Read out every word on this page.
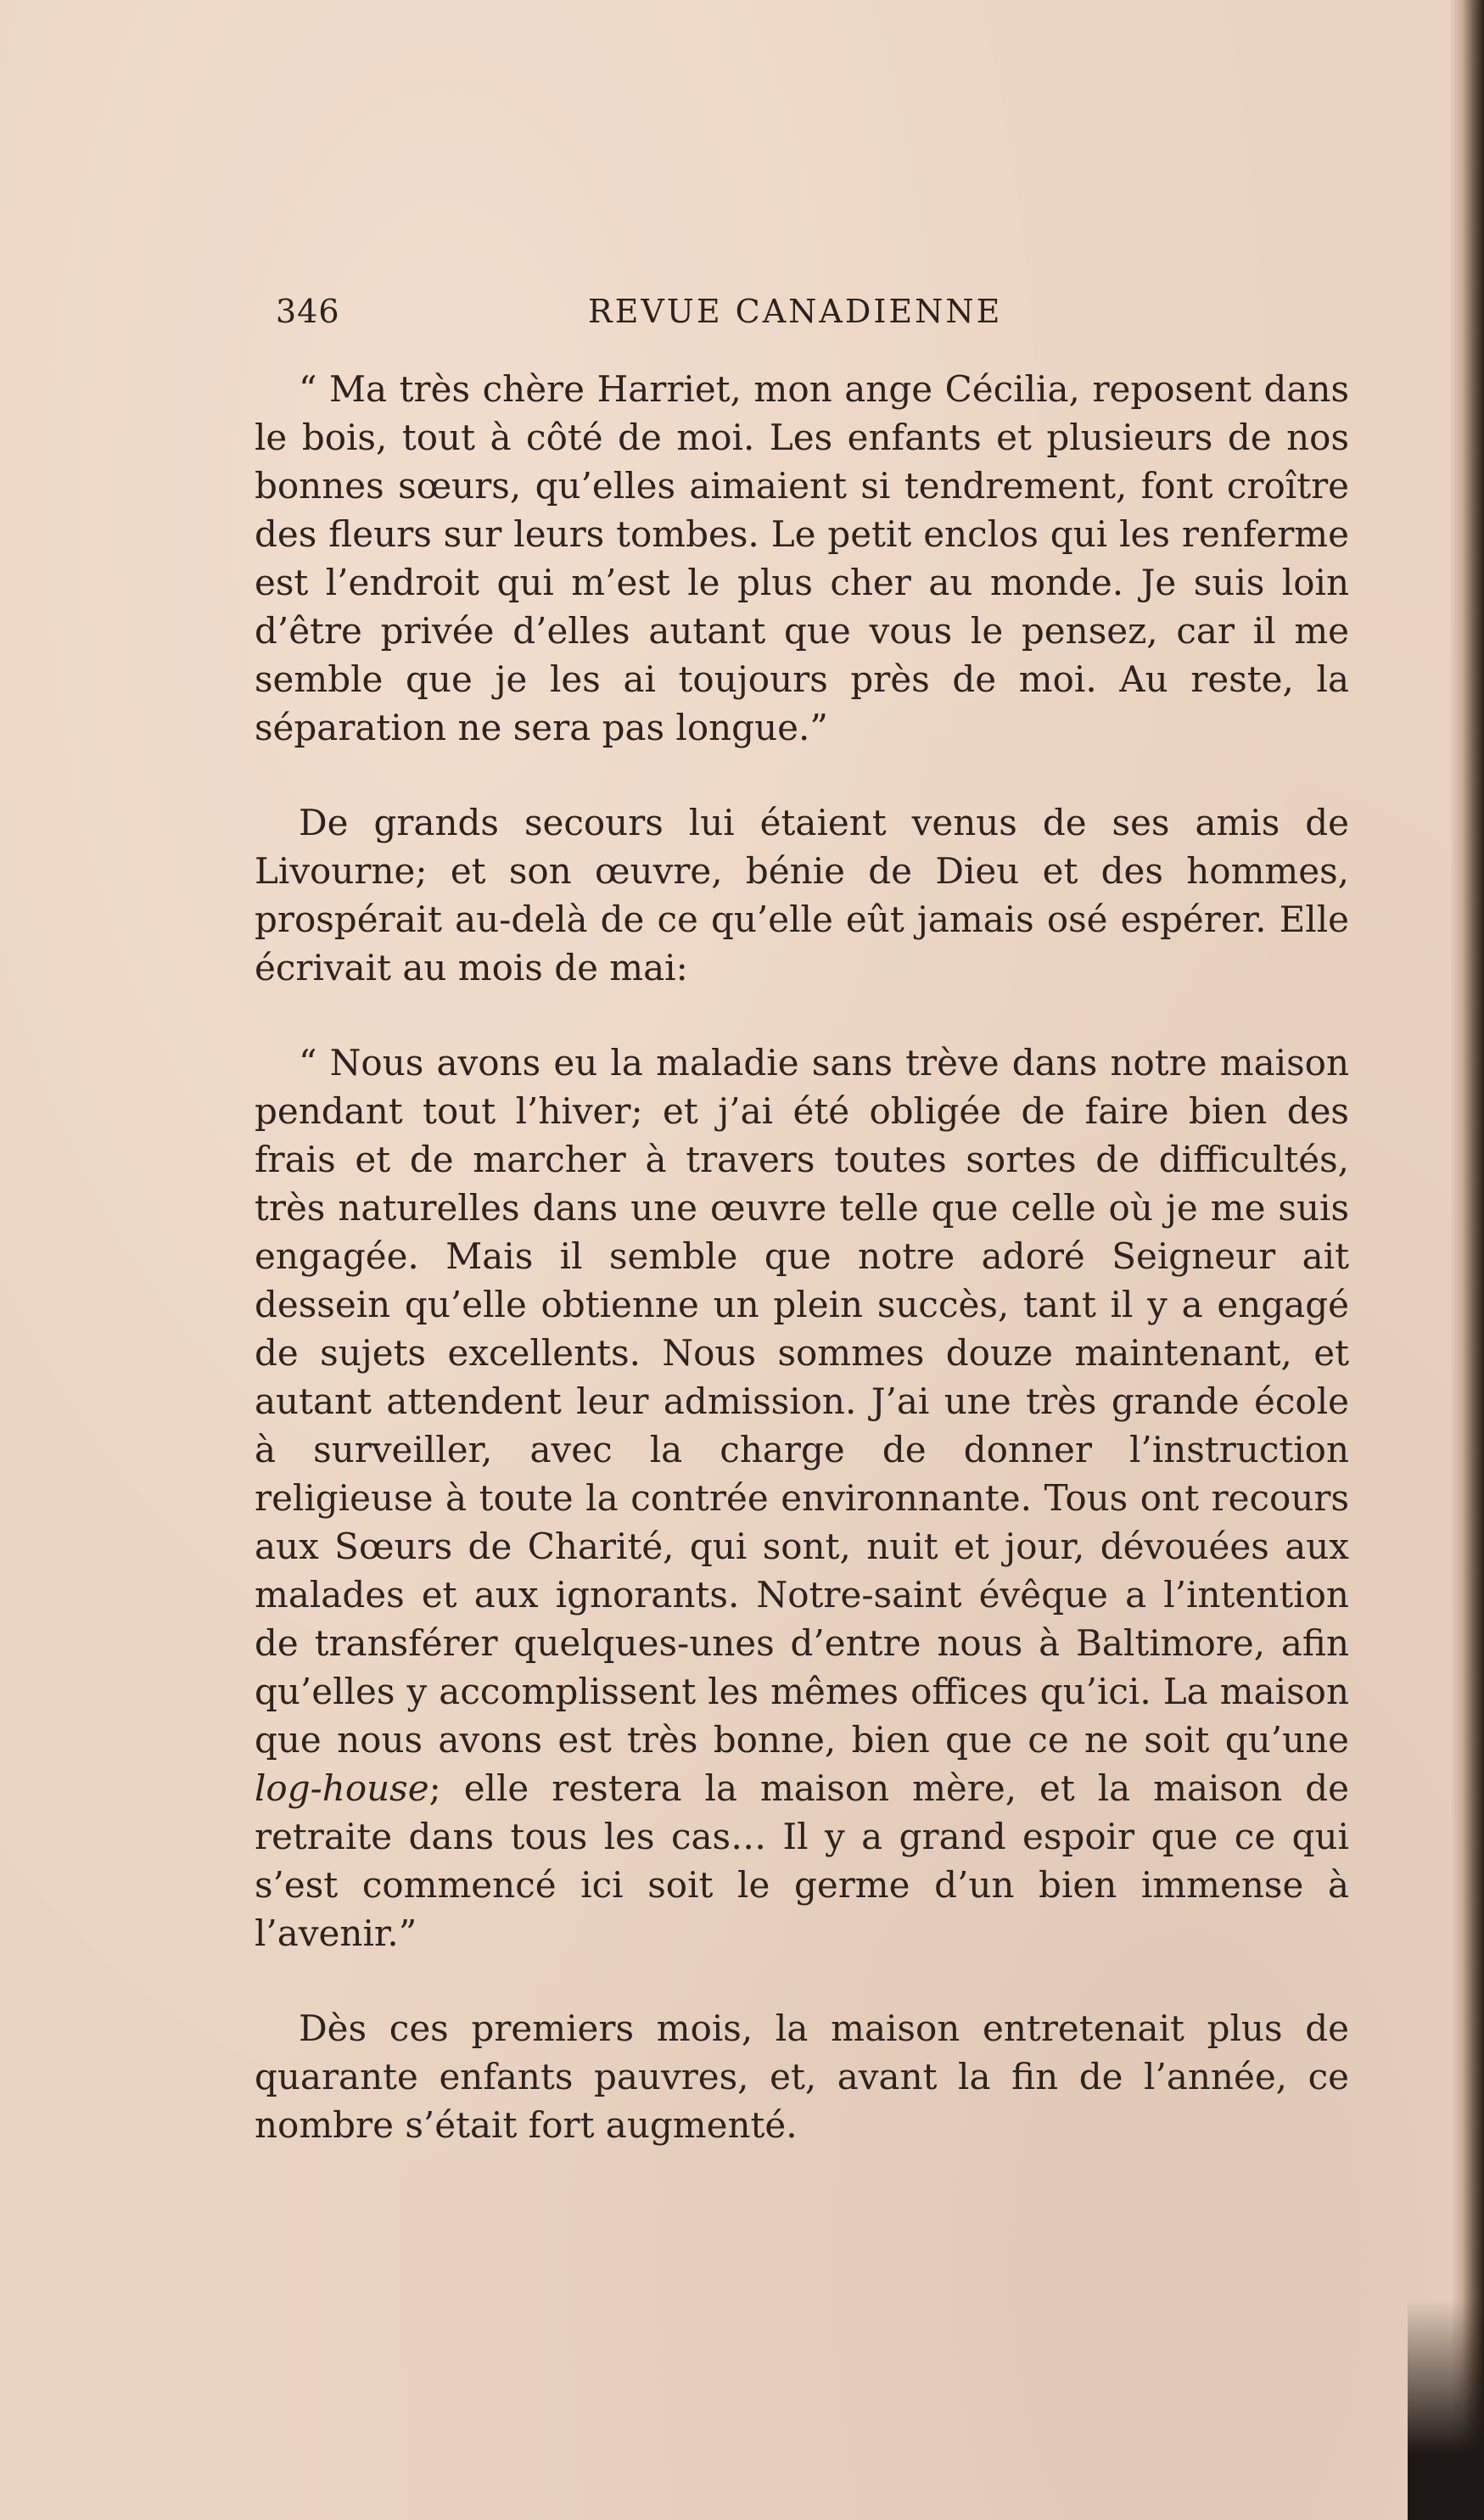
346	REVUE CANADIENNE

“ Ma très chère Harriet, mon ange Cécilia, reposent dans le bois, tout à côté de moi. Les enfants et plusieurs de nos bonnes sœurs, qu’elles aimaient si tendrement, font croître des fleurs sur leurs tombes. Le petit enclos qui les renferme est l’endroit qui m’est le plus cher au monde. Je suis loin d’être privée d’elles autant que vous le pensez, car il me semble que je les ai toujours près de moi. Au reste, la séparation ne sera pas longue.”

De grands secours lui étaient venus de ses amis de Livourne; et son œuvre, bénie de Dieu et des hommes, prospérait au-delà de ce qu’elle eût jamais osé espérer. Elle écrivait au mois de mai:

“ Nous avons eu la maladie sans trève dans notre maison pendant tout l’hiver; et j’ai été obligée de faire bien des frais et de marcher à travers toutes sortes de difficultés, très naturelles dans une œuvre telle que celle où je me suis engagée. Mais il semble que notre adoré Seigneur ait dessein qu’elle obtienne un plein succès, tant il y a engagé de sujets excellents. Nous sommes douze maintenant, et autant attendent leur admission. J’ai une très grande école à surveiller, avec la charge de donner l’instruction religieuse à toute la contrée environnante. Tous ont recours aux Sœurs de Charité, qui sont, nuit et jour, dévouées aux malades et aux ignorants. Notre-saint évêque a l’intention de transférer quelques-unes d’entre nous à Baltimore, afin qu’elles y accomplissent les mêmes offices qu’ici. La maison que nous avons est très bonne, bien que ce ne soit qu’une log-house; elle restera la maison mère, et la maison de retraite dans tous les cas… Il y a grand espoir que ce qui s’est commencé ici soit le germe d’un bien immense à l’avenir.”

Dès ces premiers mois, la maison entretenait plus de quarante enfants pauvres, et, avant la fin de l’année, ce nombre s’était fort augmenté.
